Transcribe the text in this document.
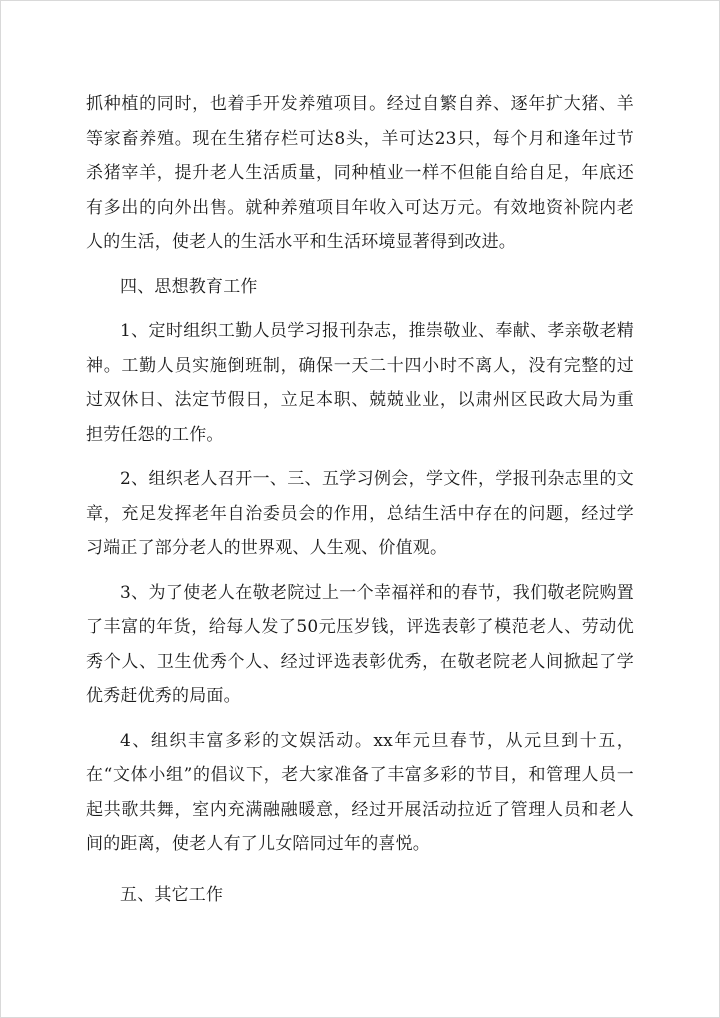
抓种植的同时，也着手开发养殖项目。经过自繁自养、逐年扩大猪、羊等家畜养殖。现在生猪存栏可达8头，羊可达23只，每个月和逢年过节杀猪宰羊，提升老人生活质量，同种植业一样不但能自给自足，年底还有多出的向外出售。就种养殖项目年收入可达万元。有效地资补院内老人的生活，使老人的生活水平和生活环境显著得到改进。

四、思想教育工作

1、定时组织工勤人员学习报刊杂志，推崇敬业、奉献、孝亲敬老精神。工勤人员实施倒班制，确保一天二十四小时不离人，没有完整的过过双休日、法定节假日，立足本职、兢兢业业，以肃州区民政大局为重担劳任怨的工作。

2、组织老人召开一、三、五学习例会，学文件，学报刊杂志里的文章，充足发挥老年自治委员会的作用，总结生活中存在的问题，经过学习端正了部分老人的世界观、人生观、价值观。

3、为了使老人在敬老院过上一个幸福祥和的春节，我们敬老院购置了丰富的年货，给每人发了50元压岁钱，评选表彰了模范老人、劳动优秀个人、卫生优秀个人、经过评选表彰优秀，在敬老院老人间掀起了学优秀赶优秀的局面。

4、组织丰富多彩的文娱活动。xx年元旦春节，从元旦到十五，在“文体小组”的倡议下，老大家准备了丰富多彩的节目，和管理人员一起共歌共舞，室内充满融融暖意，经过开展活动拉近了管理人员和老人间的距离，使老人有了儿女陪同过年的喜悦。

五、其它工作
